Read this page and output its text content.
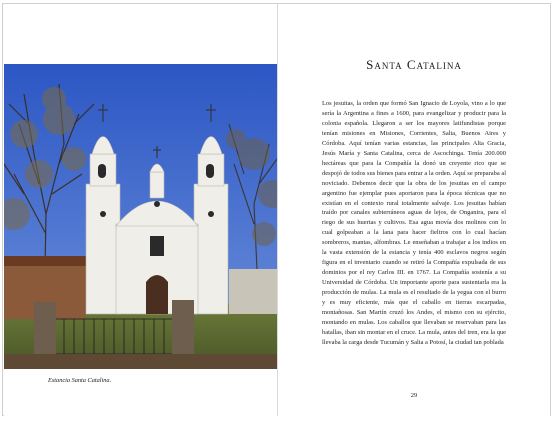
Estancia Santa Catalina.
Santa Catalina
Los jesuitas, la orden que formó San Ignacio de Loyola, vino a lo que sería la Argentina a fines a 1600, para evangelizar y producir para la colonia española. Llegaron a ser los mayores latifundistas porque tenían misiones en Misiones, Corrientes, Salta, Buenos Aires y Córdoba. Aquí tenían varias estancias, las principales Alta Gracia, Jesús María y Santa Catalina, cerca de Ascochinga. Tenía 200.000 hectáreas que para la Compañía la donó un creyente rico que se despojó de todos sus bienes para entrar a la orden. Aquí se preparaba al noviciado. Debemos decir que la obra de los jesuitas en el campo argentino fue ejemplar pues aportaron para la época técnicas que no existían en el contexto rural totalmente salvaje. Los jesuitas habían traído por canales subterráneos aguas de lejos, de Onganira, para el riego de sus huertas y cultivos. Esa agua movía dos molinos con lo cual golpeaban a la lana para hacer fieltros con lo cual hacían sombreros, mantas, alfombras. Le enseñaban a trabajar a los indios en la vasta extensión de la estancia y tenía 400 esclavos negros según figura en el inventario cuando se retiró la Compañía expulsada de sus dominios por el rey Carlos III. en 1767. La Compañía sostenía a su Universidad de Córdoba. Un importante aporte para sustentarla era la producción de mulas. La mula es el resultado de la yegua con el burro y es muy eficiente, más que el caballo en tierras escarpadas, montañosas. San Martín cruzó los Andes, el mismo con su ejército, montando en mulas. Los caballos que llevaban se reservaban para las batallas, iban sin montar en el cruce. La mula, antes del tren, era la que llevaba la carga desde Tucumán y Salta a Potosí, la ciudad tan poblada
29
